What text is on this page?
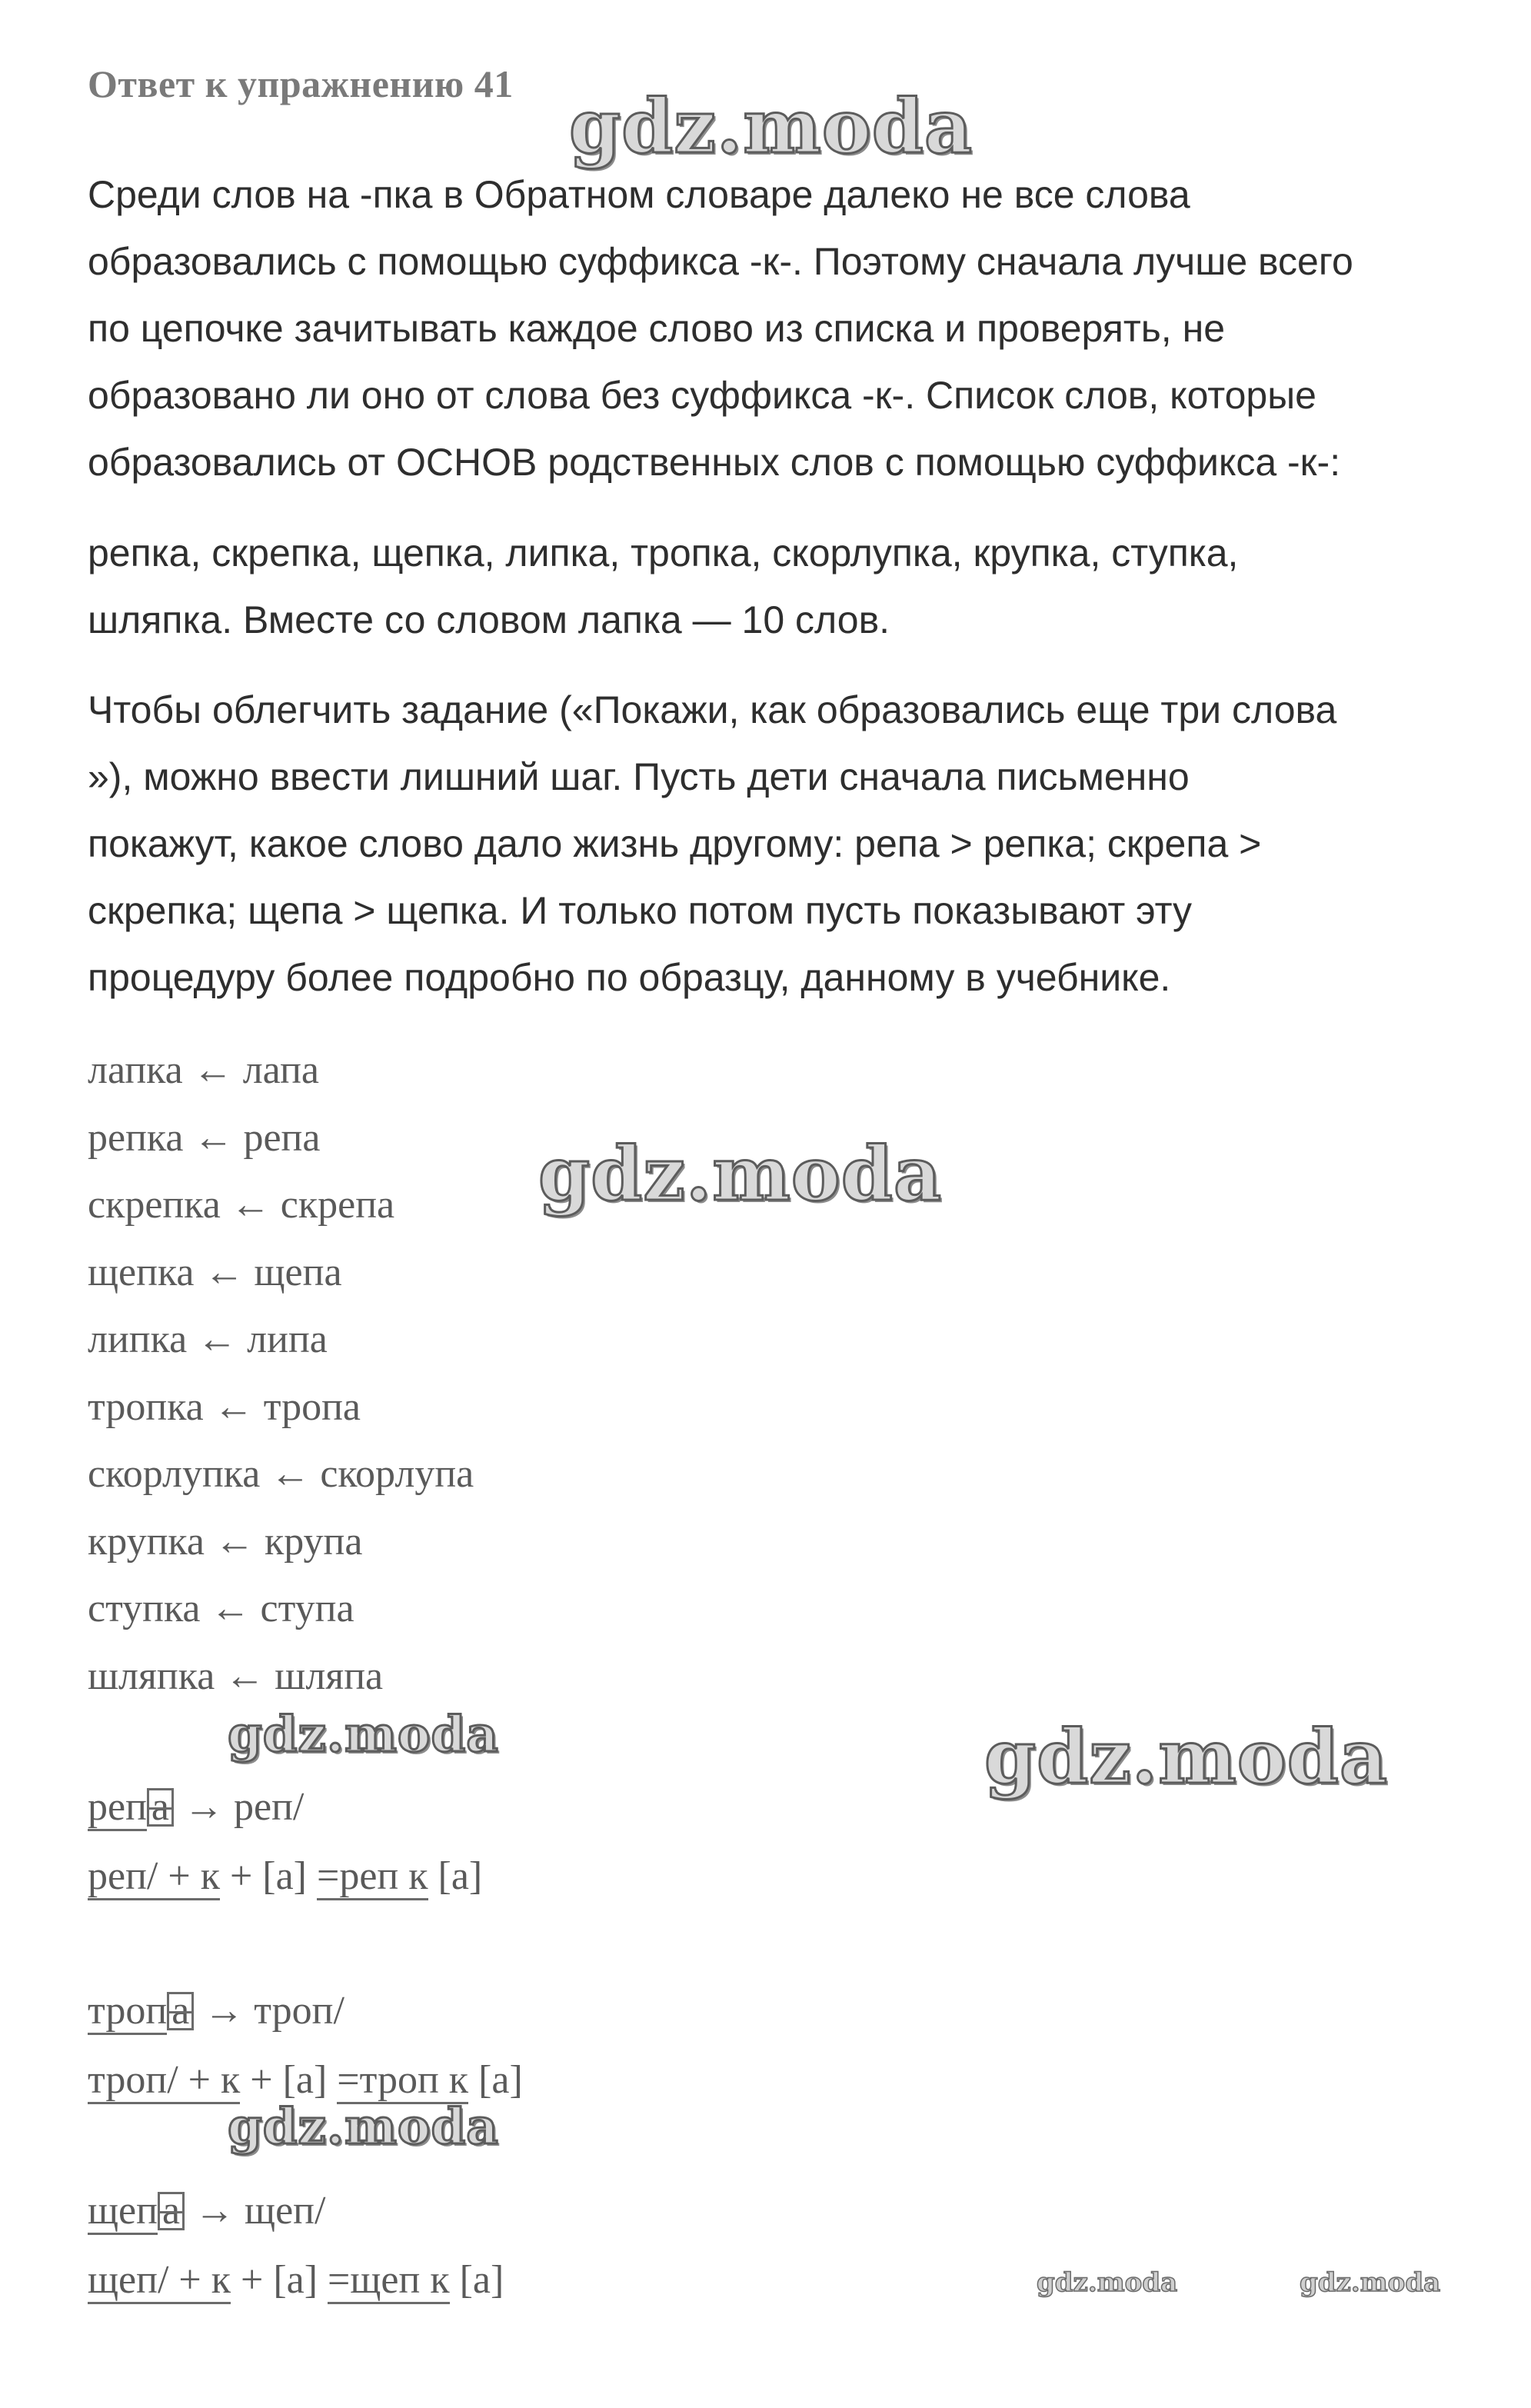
Ответ к упражнению 41
Среди слов на -пка в Обратном словаре далеко не все слова
образовались с помощью суффикса -к-. Поэтому сначала лучше всего
по цепочке зачитывать каждое слово из списка и проверять, не
образовано ли оно от слова без суффикса -к-. Список слов, которые
образовались от ОСНОВ родственных слов с помощью суффикса -к-:
репка, скрепка, щепка, липка, тропка, скорлупка, крупка, ступка,
шляпка. Вместе со словом лапка — 10 слов.
Чтобы облегчить задание («Покажи, как образовались еще три слова
»), можно ввести лишний шаг. Пусть дети сначала письменно
покажут, какое слово дало жизнь другому: репа > репка; скрепа >
скрепка; щепа > щепка. И только потом пусть показывают эту
процедуру более подробно по образцу, данному в учебнике.
лапка ← лапа
репка ← репа
скрепка ← скрепа
щепка ← щепа
липка ← липа
тропка ← тропа
скорлупка ← скорлупа
крупка ← крупа
ступка ← ступа
шляпка ← шляпа
реп а → реп/
реп/ + к + [а] =реп к [а]
троп а → троп/
троп/ + к + [а] =троп к [а]
щеп а → щеп/
щеп/ + к + [а] =щеп к [а]
gdz.moda
gdz.moda
gdz.moda	gdz.moda
gdz.moda
gdz.moda	gdz.moda
